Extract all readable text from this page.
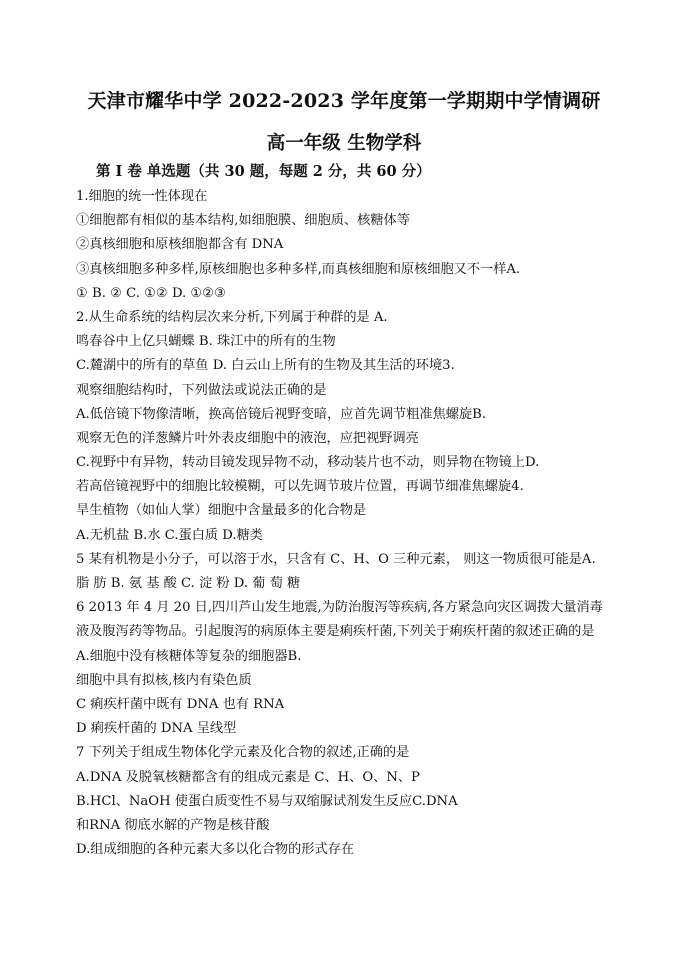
天津市耀华中学 2022-2023 学年度第一学期期中学情调研
高一年级 生物学科
第 I 卷 单选题（共 30 题，每题 2 分，共 60 分）
1.细胞的统一性体现在
①细胞都有相似的基本结构,如细胞膜、细胞质、核糖体等
②真核细胞和原核细胞都含有 DNA
③真核细胞多种多样,原核细胞也多种多样,而真核细胞和原核细胞又不一样A.
① B. ② C. ①② D. ①②③
2.从生命系统的结构层次来分析,下列属于种群的是 A.
鸣春谷中上亿只蝴蝶 B. 珠江中的所有的生物
C.麓湖中的所有的草鱼 D. 白云山上所有的生物及其生活的环境3.
观察细胞结构时，下列做法或说法正确的是
A.低倍镜下物像清晰，换高倍镜后视野变暗，应首先调节粗准焦螺旋B.
观察无色的洋葱鳞片叶外表皮细胞中的液泡，应把视野调亮
C.视野中有异物，转动目镜发现异物不动，移动装片也不动，则异物在物镜上D.
若高倍镜视野中的细胞比较模糊，可以先调节玻片位置，再调节细准焦螺旋4.
旱生植物（如仙人掌）细胞中含量最多的化合物是
A.无机盐 B.水 C.蛋白质 D.糖类
5 某有机物是小分子，可以溶于水，只含有 C、H、O 三种元素， 则这一物质很可能是A.
脂 肪 B. 氨 基 酸 C. 淀 粉 D. 葡 萄 糖
6 2013 年 4 月 20 日,四川芦山发生地震,为防治腹泻等疾病,各方紧急向灾区调拨大量消毒
液及腹泻药等物品。引起腹泻的病原体主要是痢疾杆菌,下列关于痢疾杆菌的叙述正确的是
A.细胞中没有核糖体等复杂的细胞器B.
细胞中具有拟核,核内有染色质
C 痢疾杆菌中既有 DNA 也有 RNA
D 痢疾杆菌的 DNA 呈线型
7 下列关于组成生物体化学元素及化合物的叙述,正确的是
A.DNA 及脱氧核糖都含有的组成元素是 C、H、O、N、P
B.HCl、NaOH 使蛋白质变性不易与双缩脲试剂发生反应C.DNA
和RNA 彻底水解的产物是核苷酸
D.组成细胞的各种元素大多以化合物的形式存在
